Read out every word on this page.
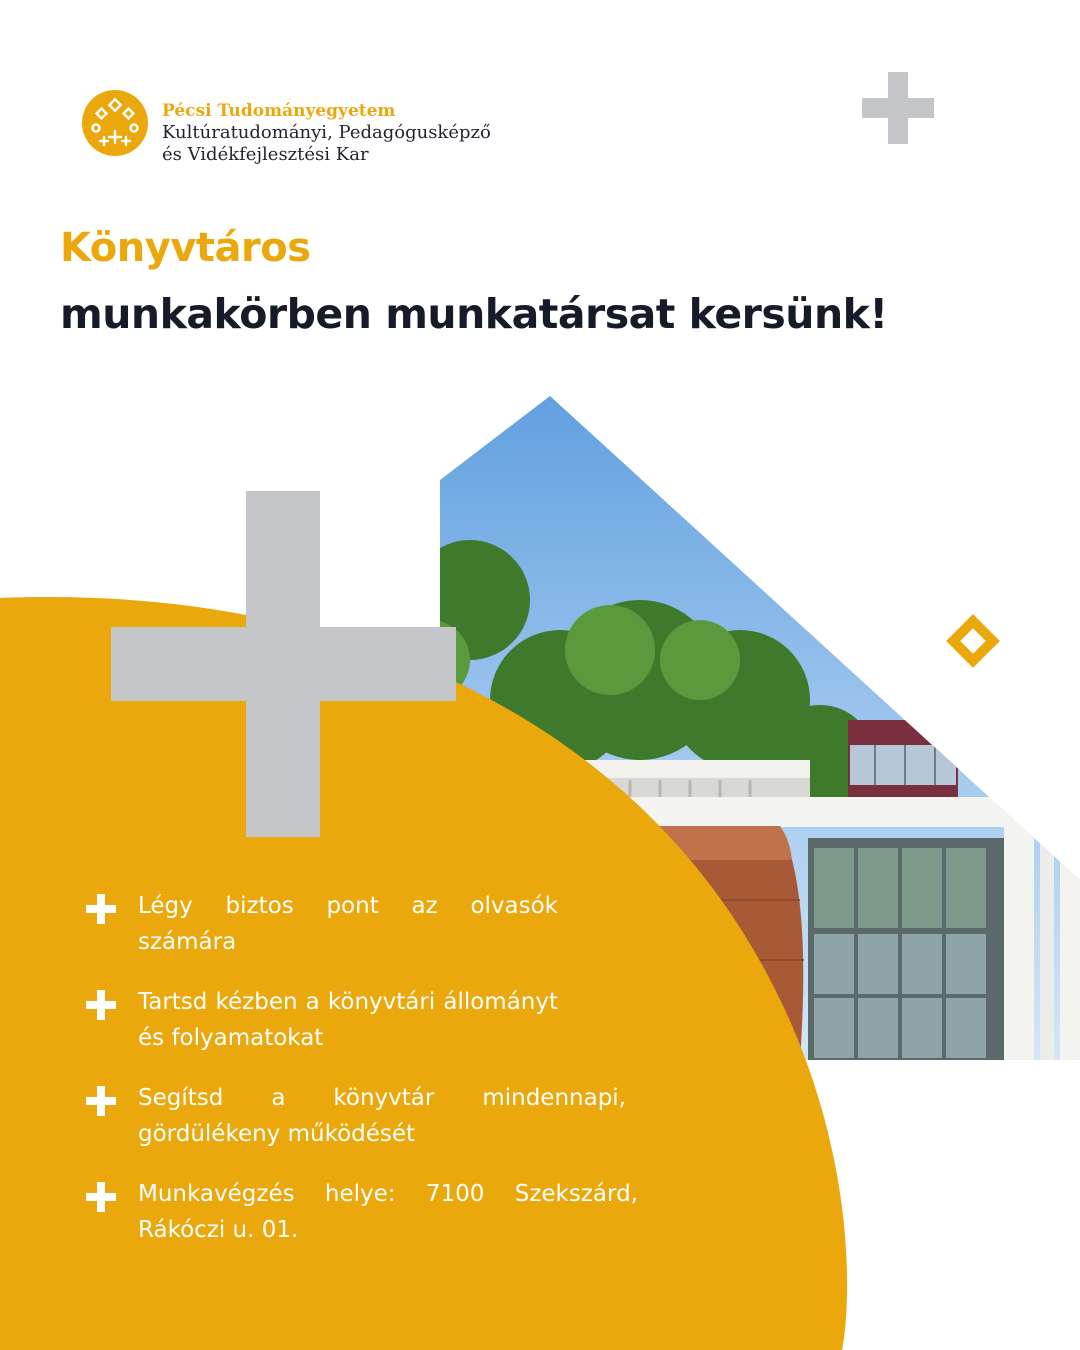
Pécsi Tudományegyetem
Kultúratudományi, Pedagógusképző
és Vidékfejlesztési Kar
Könyvtáros
munkakörben munkatársat kersünk!
Légy biztos pont az olvasók számára
Tartsd kézben a könyvtári állományt és folyamatokat
Segítsd a könyvtár mindennapi, gördülékeny működését
Munkavégzés helye: 7100 Szekszárd, Rákóczi u. 01.
